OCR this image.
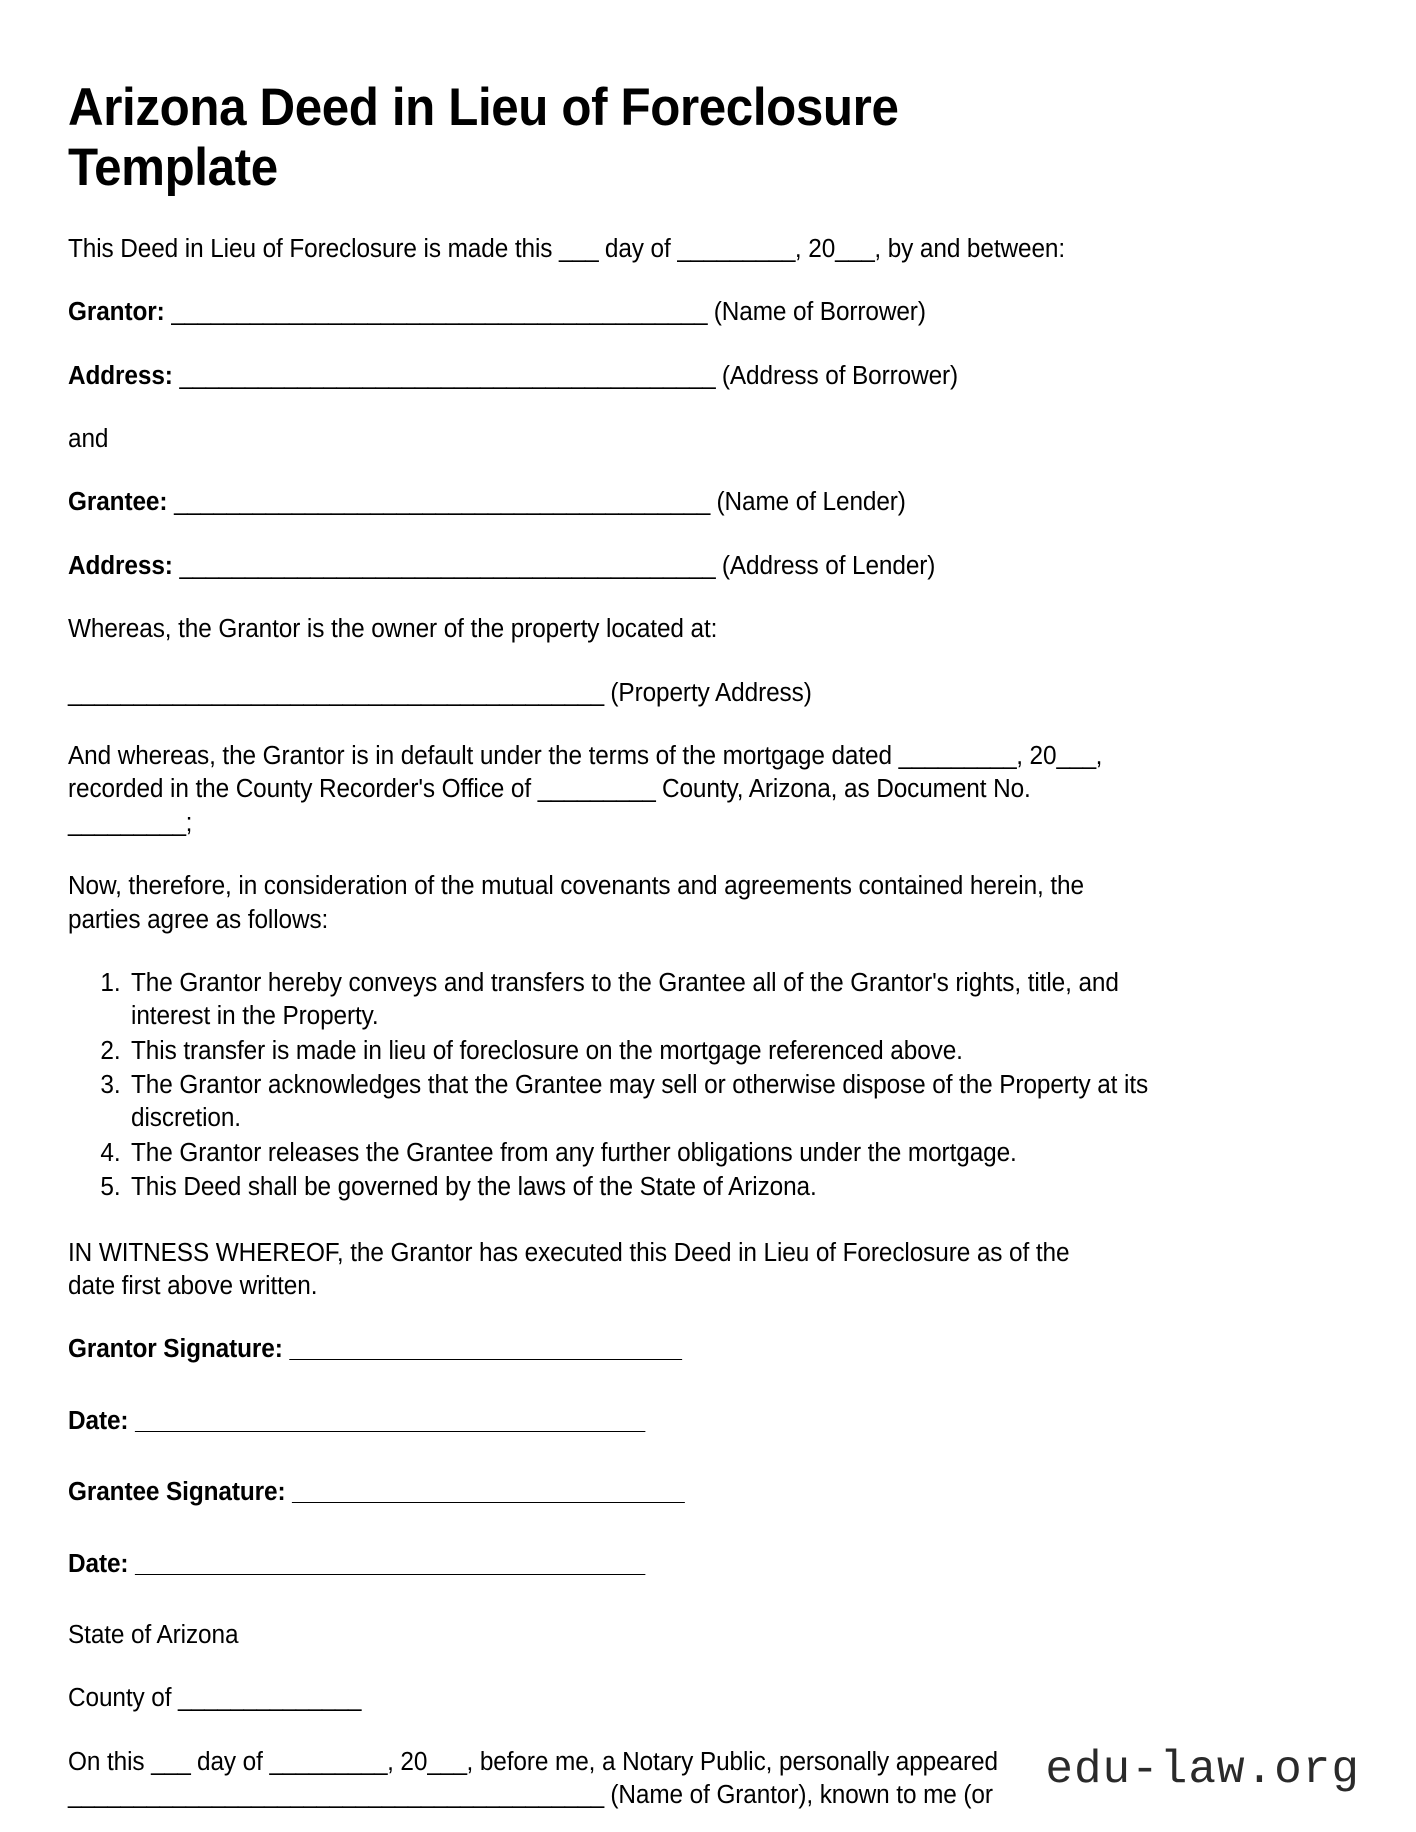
Arizona Deed in Lieu of Foreclosure Template

This Deed in Lieu of Foreclosure is made this ___ day of _________, 20___, by and between:

Grantor: _________________________________________ (Name of Borrower)

Address: _________________________________________ (Address of Borrower)

and

Grantee: _________________________________________ (Name of Lender)

Address: _________________________________________ (Address of Lender)

Whereas, the Grantor is the owner of the property located at:

_________________________________________ (Property Address)

And whereas, the Grantor is in default under the terms of the mortgage dated _________, 20___, recorded in the County Recorder's Office of _________ County, Arizona, as Document No. _________;

Now, therefore, in consideration of the mutual covenants and agreements contained herein, the parties agree as follows:

1. The Grantor hereby conveys and transfers to the Grantee all of the Grantor's rights, title, and interest in the Property.
2. This transfer is made in lieu of foreclosure on the mortgage referenced above.
3. The Grantor acknowledges that the Grantee may sell or otherwise dispose of the Property at its discretion.
4. The Grantor releases the Grantee from any further obligations under the mortgage.
5. This Deed shall be governed by the laws of the State of Arizona.

IN WITNESS WHEREOF, the Grantor has executed this Deed in Lieu of Foreclosure as of the date first above written.

Grantor Signature: ______________________________

Date: _______________________________________

Grantee Signature: ______________________________

Date: _______________________________________

State of Arizona

County of ______________

On this ___ day of _________, 20___, before me, a Notary Public, personally appeared _________________________________________ (Name of Grantor), known to me (or	edu-law.org
